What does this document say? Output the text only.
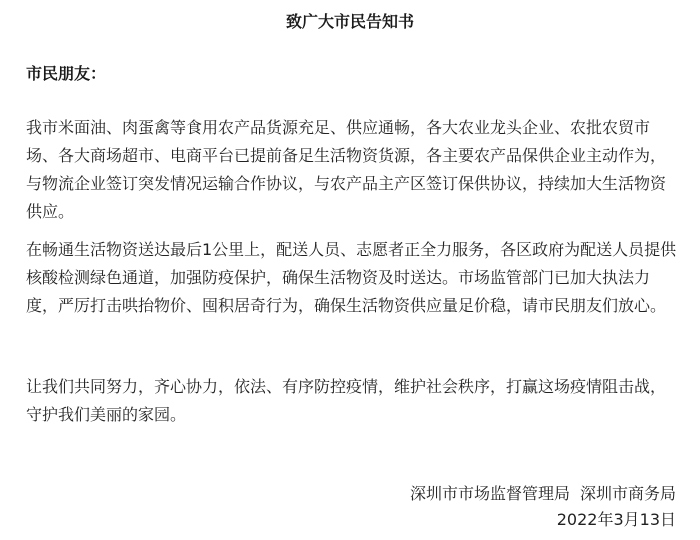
致广大市民告知书
市民朋友：

我市米面油、肉蛋禽等食用农产品货源充足、供应通畅，各大农业龙头企业、农批农贸市场、各大商场超市、电商平台已提前备足生活物资货源，各主要农产品保供企业主动作为，与物流企业签订突发情况运输合作协议，与农产品主产区签订保供协议，持续加大生活物资供应。

在畅通生活物资送达最后1公里上，配送人员、志愿者正全力服务，各区政府为配送人员提供核酸检测绿色通道，加强防疫保护，确保生活物资及时送达。市场监管部门已加大执法力度，严厉打击哄抬物价、囤积居奇行为，确保生活物资供应量足价稳，请市民朋友们放心。

让我们共同努力，齐心协力，依法、有序防控疫情，维护社会秩序，打赢这场疫情阻击战，守护我们美丽的家园。

深圳市市场监督管理局 深圳市商务局
2022年3月13日
